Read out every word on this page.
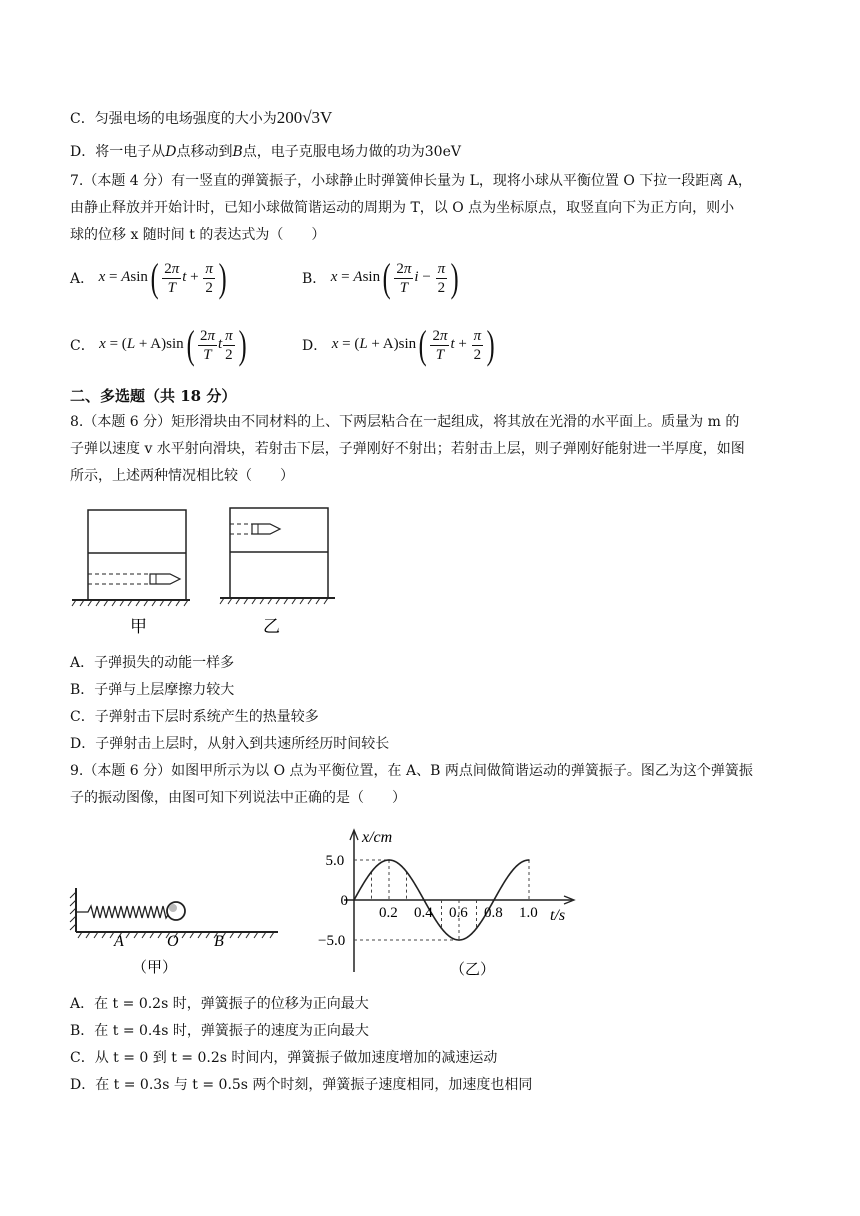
C．匀强电场的电场强度的大小为200√3V
D．将一电子从D点移动到B点，电子克服电场力做的功为30eV
7.（本题 4 分）有一竖直的弹簧振子，小球静止时弹簧伸长量为 L，现将小球从平衡位置 O 下拉一段距离 A，
由静止释放并开始计时，已知小球做简谐运动的周期为 T，以 O 点为坐标原点，取竖直向下为正方向，则小
球的位移 x 随时间 t 的表达式为（　　）
A． $x = Asin( \frac{2\pi}{T}$ $t + \frac{\pi}{2}$ )	B． $x = Asin( \frac{2\pi}{T}$ $i - \frac{\pi}{2}$ )
C． $x = (L + A)\sin( \frac{2\pi}{T}$ t $\frac{\pi}{2}$ )	D． $x = (L + A)\sin( \frac{2\pi}{T}$ $t + \frac{\pi}{2}$ )
二、多选题（共 18 分）
8.（本题 6 分）矩形滑块由不同材料的上、下两层粘合在一起组成，将其放在光滑的水平面上。质量为 m 的
子弹以速度 v 水平射向滑块，若射击下层，子弹刚好不射出；若射击上层，则子弹刚好能射进一半厚度，如图
所示，上述两种情况相比较（　　）
甲	乙
A．子弹损失的动能一样多
B．子弹与上层摩擦力较大
C．子弹射击下层时系统产生的热量较多
D．子弹射击上层时，从射入到共速所经历时间较长
9.（本题 6 分）如图甲所示为以 O 点为平衡位置，在 A、B 两点间做简谐运动的弹簧振子。图乙为这个弹簧振
子的振动图像，由图可知下列说法中正确的是（　　）
A	O B
（甲）
0.2 0.4 0.6 0.8 1.0
5.0
0
−5.0
x/cm
t/s
（乙）
A．在 t = 0.2s 时，弹簧振子的位移为正向最大
B．在 t = 0.4s 时，弹簧振子的速度为正向最大
C．从 t = 0 到 t = 0.2s 时间内，弹簧振子做加速度增加的减速运动
D．在 t = 0.3s 与 t = 0.5s 两个时刻，弹簧振子速度相同，加速度也相同
